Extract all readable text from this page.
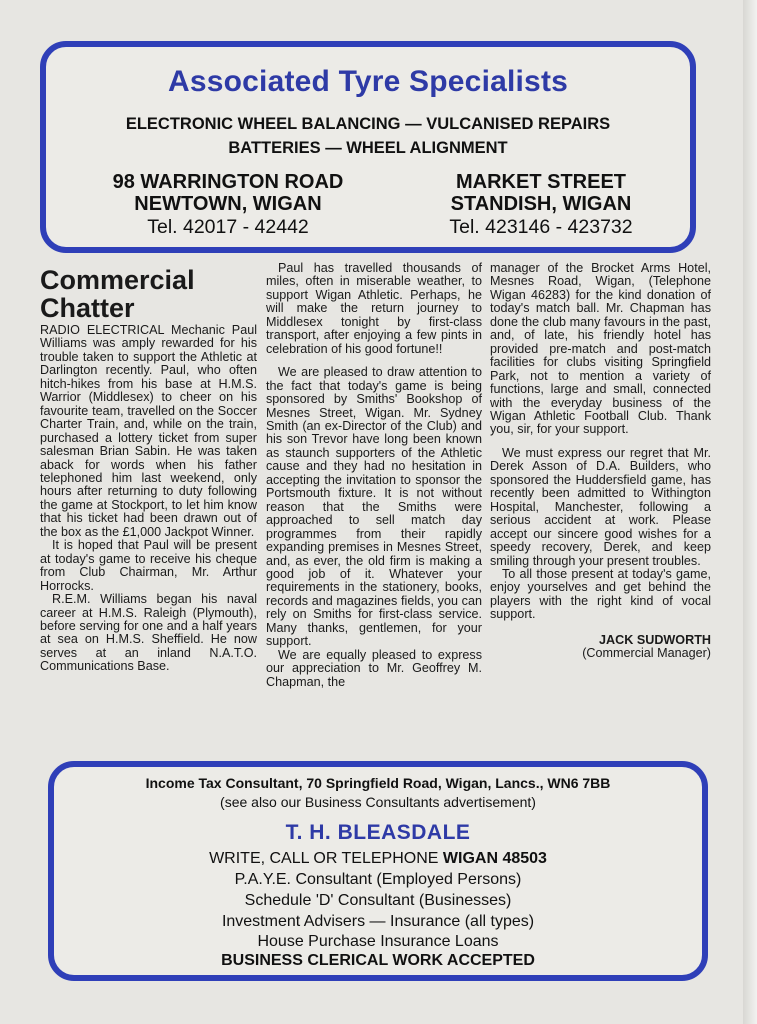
Associated Tyre Specialists
ELECTRONIC WHEEL BALANCING — VULCANISED REPAIRS
BATTERIES — WHEEL ALIGNMENT
98 WARRINGTON ROAD
NEWTOWN, WIGAN
Tel. 42017 - 42442
MARKET STREET
STANDISH, WIGAN
Tel. 423146 - 423732
Commercial
Chatter

RADIO ELECTRICAL Mechanic Paul Williams was amply rewarded for his trouble taken to support the Athletic at Darlington recently. Paul, who often hitch-hikes from his base at H.M.S. Warrior (Middlesex) to cheer on his favourite team, travelled on the Soccer Charter Train, and, while on the train, purchased a lottery ticket from super salesman Brian Sabin. He was taken aback for words when his father telephoned him last weekend, only hours after returning to duty following the game at Stockport, to let him know that his ticket had been drawn out of the box as the £1,000 Jackpot Winner.

It is hoped that Paul will be present at today's game to receive his cheque from Club Chairman, Mr. Arthur Horrocks.

R.E.M. Williams began his naval career at H.M.S. Raleigh (Plymouth), before serving for one and a half years at sea on H.M.S. Sheffield. He now serves at an inland N.A.T.O. Communications Base.

Paul has travelled thousands of miles, often in miserable weather, to support Wigan Athletic. Perhaps, he will make the return journey to Middlesex tonight by first-class transport, after enjoying a few pints in celebration of his good fortune!!

We are pleased to draw attention to the fact that today's game is being sponsored by Smiths' Bookshop of Mesnes Street, Wigan. Mr. Sydney Smith (an ex-Director of the Club) and his son Trevor have long been known as staunch supporters of the Athletic cause and they had no hesitation in accepting the invitation to sponsor the Portsmouth fixture. It is not without reason that the Smiths were approached to sell match day programmes from their rapidly expanding premises in Mesnes Street, and, as ever, the old firm is making a good job of it. Whatever your requirements in the stationery, books, records and magazines fields, you can rely on Smiths for first-class service. Many thanks, gentlemen, for your support.

We are equally pleased to express our appreciation to Mr. Geoffrey M. Chapman, the

manager of the Brocket Arms Hotel, Mesnes Road, Wigan, (Telephone Wigan 46283) for the kind donation of today's match ball. Mr. Chapman has done the club many favours in the past, and, of late, his friendly hotel has provided pre-match and post-match facilities for clubs visiting Springfield Park, not to mention a variety of functions, large and small, connected with the everyday business of the Wigan Athletic Football Club. Thank you, sir, for your support.

We must express our regret that Mr. Derek Asson of D.A. Builders, who sponsored the Huddersfield game, has recently been admitted to Withington Hospital, Manchester, following a serious accident at work. Please accept our sincere good wishes for a speedy recovery, Derek, and keep smiling through your present troubles.

To all those present at today's game, enjoy yourselves and get behind the players with the right kind of vocal support.

JACK SUDWORTH
(Commercial Manager)
Income Tax Consultant, 70 Springfield Road, Wigan, Lancs., WN6 7BB
(see also our Business Consultants advertisement)
T. H. BLEASDALE
WRITE, CALL OR TELEPHONE WIGAN 48503
P.A.Y.E. Consultant (Employed Persons)
Schedule 'D' Consultant (Businesses)
Investment Advisers — Insurance (all types)
House Purchase Insurance Loans
BUSINESS CLERICAL WORK ACCEPTED
